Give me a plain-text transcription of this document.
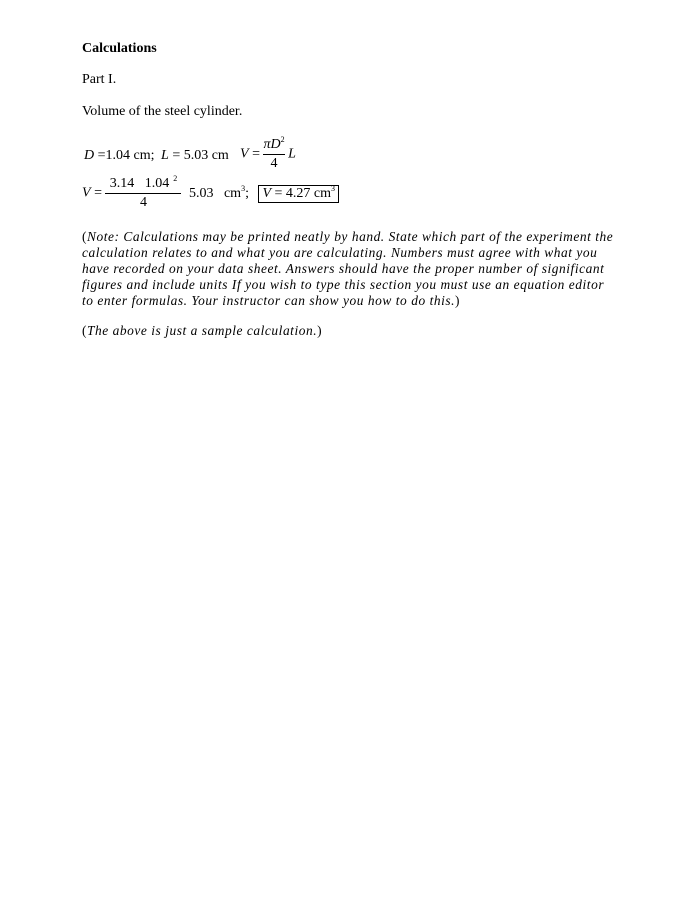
Calculations
Part I.
Volume of the steel cylinder.
D =1.04 cm; L = 5.03 cm $V = \frac{\pi D^2}{4}$ L
$V = \frac{3.14 1.04 ^2}{4} 5.03$   $cm^3$; V = 4.27 $cm^3$
(Note: Calculations may be printed neatly by hand. State which part of the experiment the
calculation relates to and what you are calculating. Numbers must agree with what you
have recorded on your data sheet. Answers should have the proper number of significant
figures and include units If you wish to type this section you must use an equation editor
to enter formulas. Your instructor can show you how to do this.)
(The above is just a sample calculation.)
